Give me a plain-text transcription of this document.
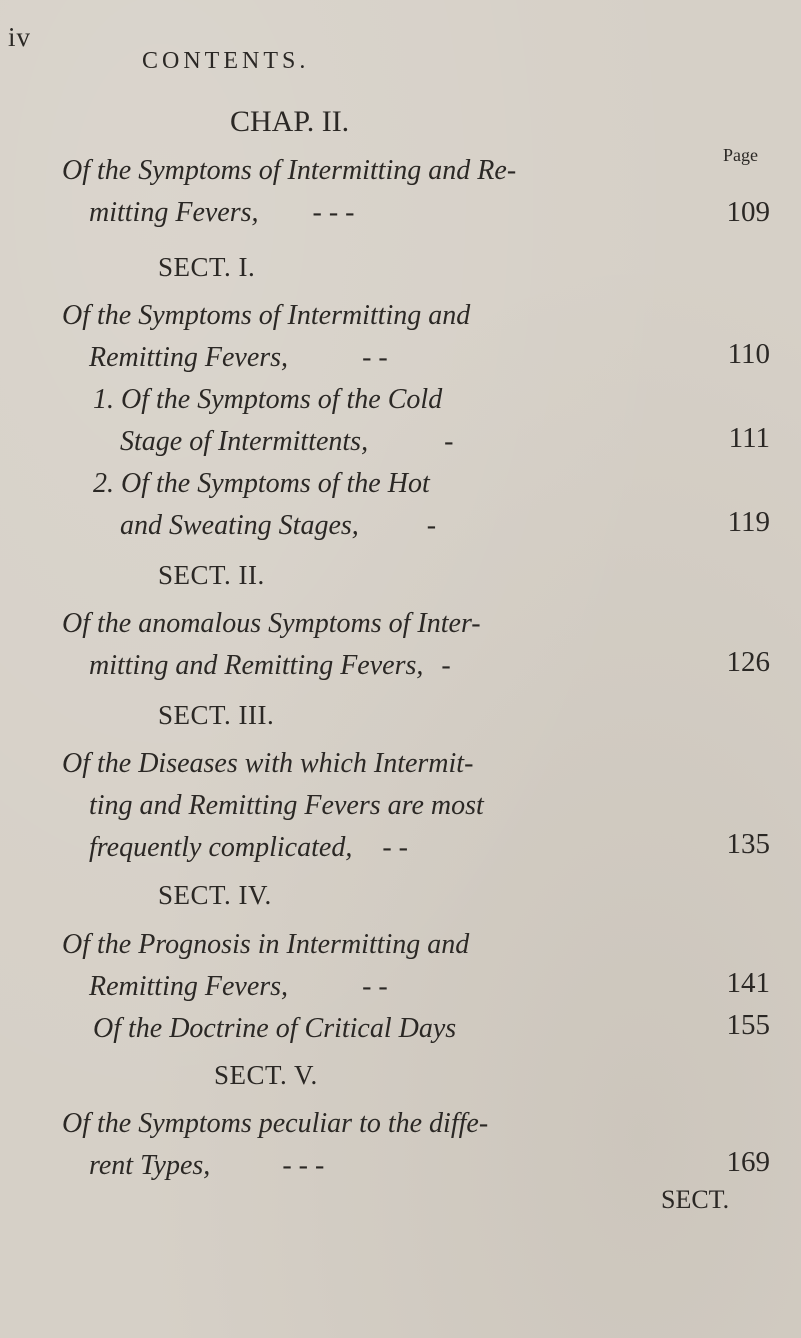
iv
CONTENTS.
CHAP. II.
Page
Of the Symptoms of Intermitting and Re-
mitting Fevers, - - -	109
SECT. I.
Of the Symptoms of Intermitting and
Remitting Fevers,	- -	110
1. Of the Symptoms of the Cold
Stage of Intermittents,	-	111
2. Of the Symptoms of the Hot
and Sweating Stages, -	119
SECT. II.
Of the anomalous Symptoms of Inter-
mitting and Remitting Fevers, -	126
SECT. III.
Of the Diseases with which Intermit-
ting and Remitting Fevers are most
frequently complicated, - -	135
SECT. IV.
Of the Prognosis in Intermitting and
Remitting Fevers,	- -	141
Of the Doctrine of Critical Days	155
SECT. V.
Of the Symptoms peculiar to the diffe-
rent Types,	- - -	169
SECT.
